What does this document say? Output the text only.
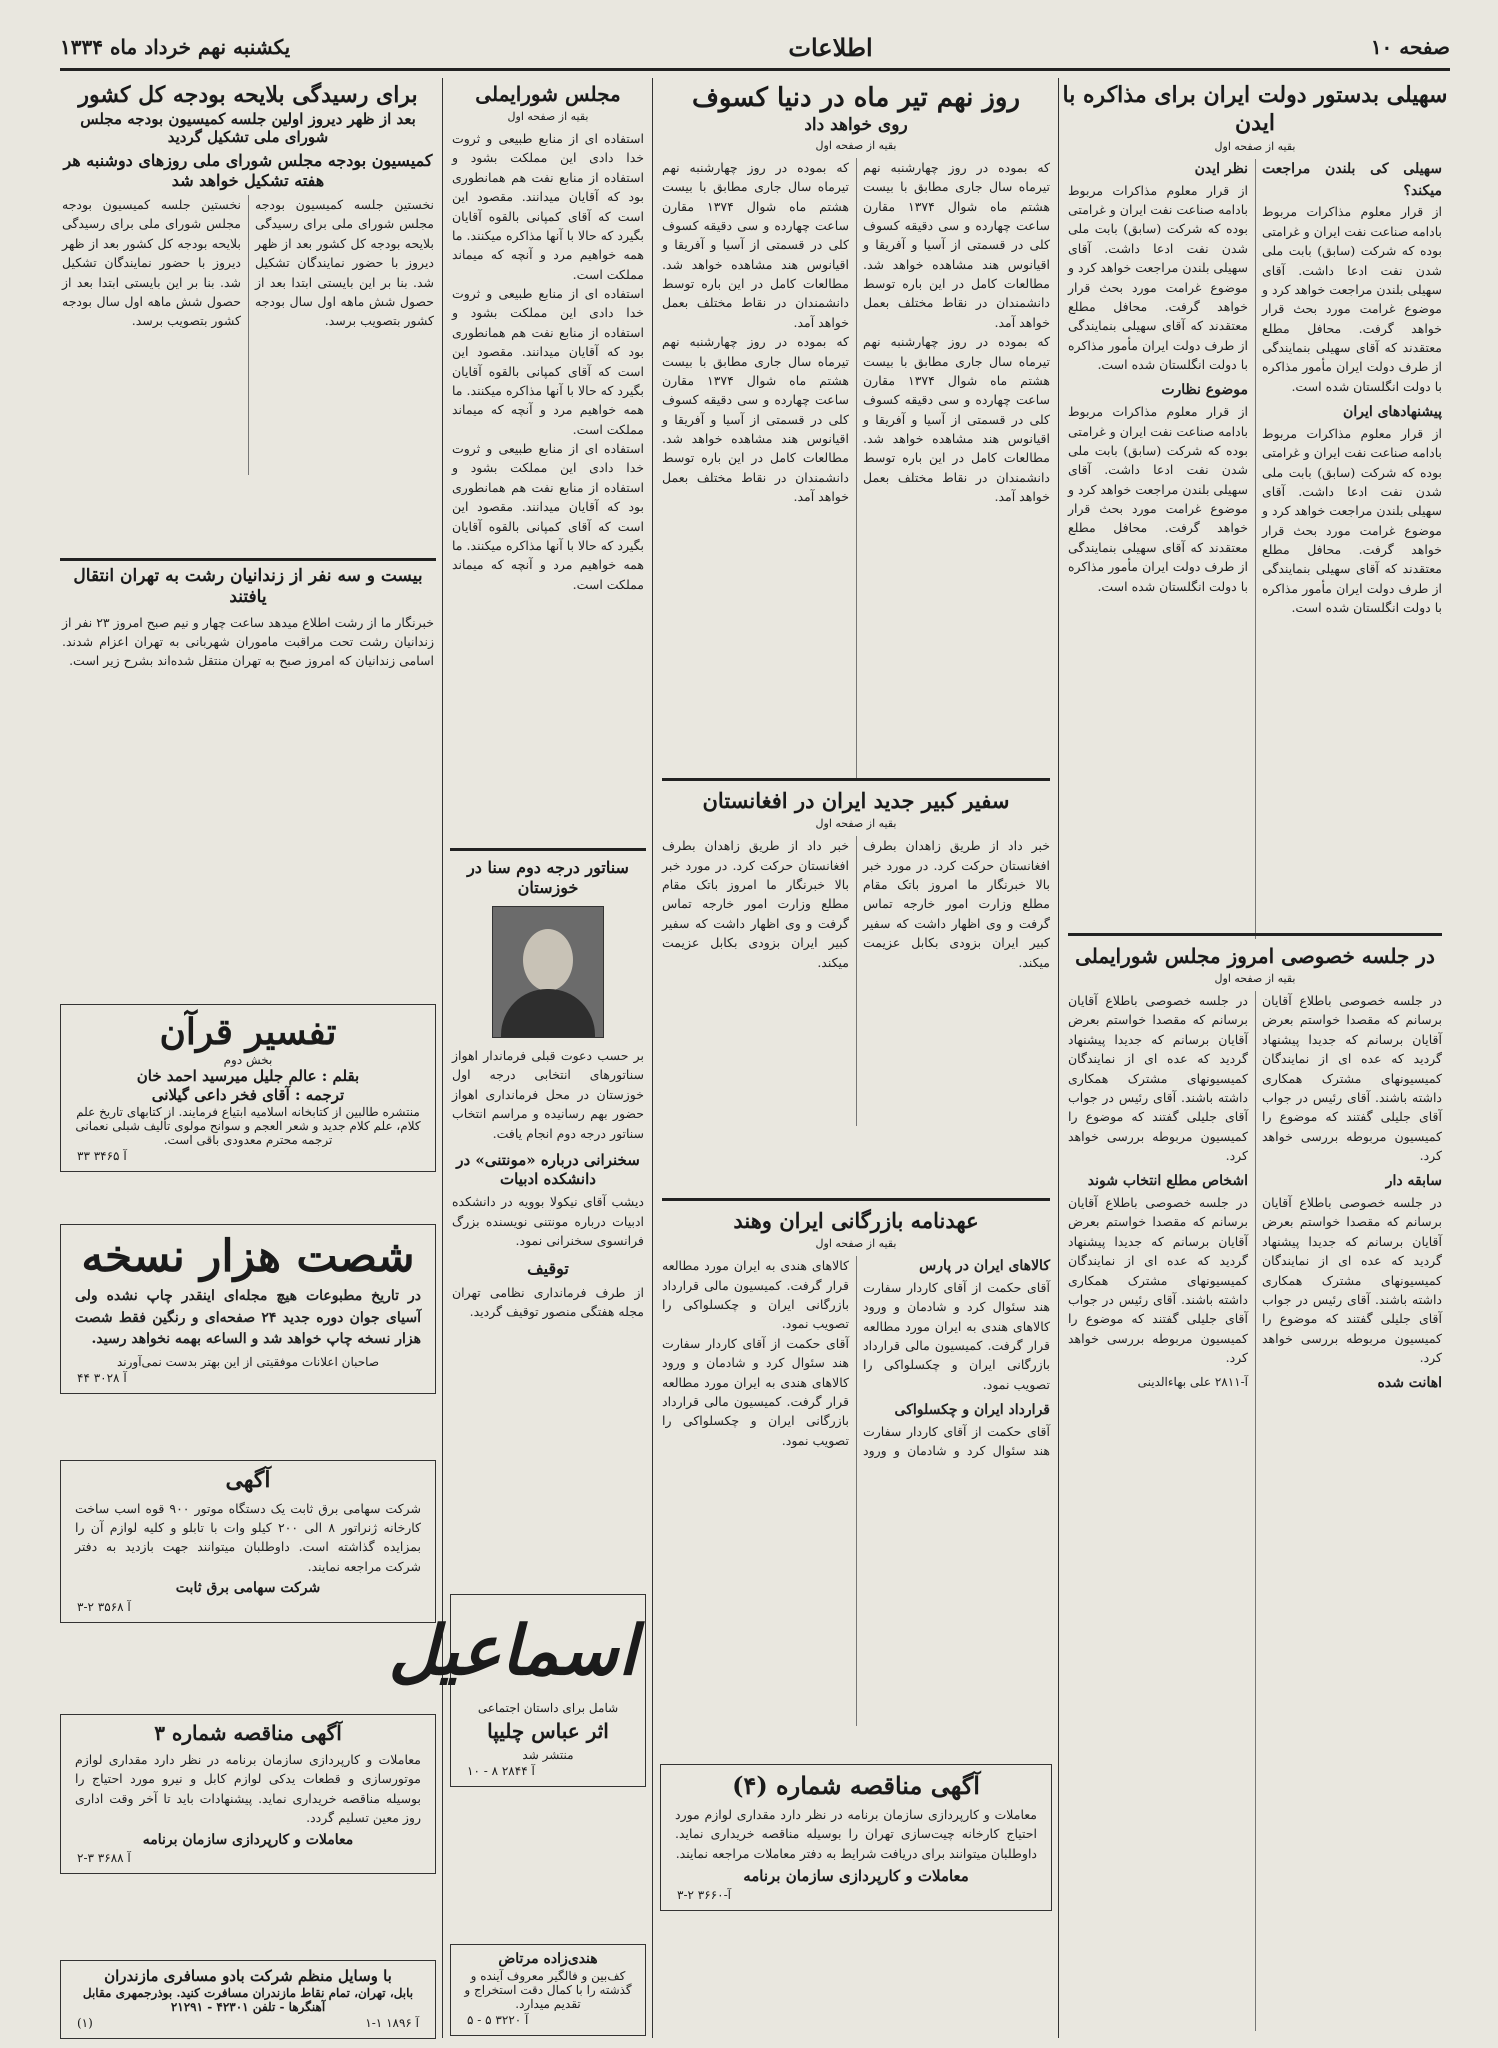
صفحه ۱۰
اطلاعات
یکشنبه نهم خرداد ماه ۱۳۳۴
سهیلی بدستور دولت ایران برای مذاکره با ایدن
بقیه از صفحه اول
سهیلی کی بلندن مراجعت میکند؟
از قرار معلوم مذاکرات مربوط بادامه صناعت نفت ایران و غرامتی بوده که شرکت (سابق) بابت ملی شدن نفت ادعا داشت. آقای سهیلی بلندن مراجعت خواهد کرد و موضوع غرامت مورد بحث قرار خواهد گرفت. محافل مطلع معتقدند که آقای سهیلی بنمایندگی از طرف دولت ایران مأمور مذاکره با دولت انگلستان شده است.
پیشنهادهای ایران
از قرار معلوم مذاکرات مربوط بادامه صناعت نفت ایران و غرامتی بوده که شرکت (سابق) بابت ملی شدن نفت ادعا داشت. آقای سهیلی بلندن مراجعت خواهد کرد و موضوع غرامت مورد بحث قرار خواهد گرفت. محافل مطلع معتقدند که آقای سهیلی بنمایندگی از طرف دولت ایران مأمور مذاکره با دولت انگلستان شده است.
نظر ایدن
از قرار معلوم مذاکرات مربوط بادامه صناعت نفت ایران و غرامتی بوده که شرکت (سابق) بابت ملی شدن نفت ادعا داشت. آقای سهیلی بلندن مراجعت خواهد کرد و موضوع غرامت مورد بحث قرار خواهد گرفت. محافل مطلع معتقدند که آقای سهیلی بنمایندگی از طرف دولت ایران مأمور مذاکره با دولت انگلستان شده است.
موضوع نظارت
از قرار معلوم مذاکرات مربوط بادامه صناعت نفت ایران و غرامتی بوده که شرکت (سابق) بابت ملی شدن نفت ادعا داشت. آقای سهیلی بلندن مراجعت خواهد کرد و موضوع غرامت مورد بحث قرار خواهد گرفت. محافل مطلع معتقدند که آقای سهیلی بنمایندگی از طرف دولت ایران مأمور مذاکره با دولت انگلستان شده است.
در جلسه خصوصی امروز مجلس شورایملی
بقیه از صفحه اول
در جلسه خصوصی باطلاع آقایان برسانم که مقصدا خواستم بعرض آقایان برسانم که جدیدا پیشنهاد گردید که عده ای از نمایندگان کمیسیونهای مشترک همکاری داشته باشند. آقای رئیس در جواب آقای جلیلی گفتند که موضوع را کمیسیون مربوطه بررسی خواهد کرد.
سابقه دار
در جلسه خصوصی باطلاع آقایان برسانم که مقصدا خواستم بعرض آقایان برسانم که جدیدا پیشنهاد گردید که عده ای از نمایندگان کمیسیونهای مشترک همکاری داشته باشند. آقای رئیس در جواب آقای جلیلی گفتند که موضوع را کمیسیون مربوطه بررسی خواهد کرد.
اهانت شده
در جلسه خصوصی باطلاع آقایان برسانم که مقصدا خواستم بعرض آقایان برسانم که جدیدا پیشنهاد گردید که عده ای از نمایندگان کمیسیونهای مشترک همکاری داشته باشند. آقای رئیس در جواب آقای جلیلی گفتند که موضوع را کمیسیون مربوطه بررسی خواهد کرد.
اشخاص مطلع انتخاب شوند
در جلسه خصوصی باطلاع آقایان برسانم که مقصدا خواستم بعرض آقایان برسانم که جدیدا پیشنهاد گردید که عده ای از نمایندگان کمیسیونهای مشترک همکاری داشته باشند. آقای رئیس در جواب آقای جلیلی گفتند که موضوع را کمیسیون مربوطه بررسی خواهد کرد.
آ-۲۸۱۱ علی بهاء‌الدینی
روز نهم تیر ماه در دنیا کسوف
روی خواهد داد
بقیه از صفحه اول
که بموده در روز چهارشنبه نهم تیرماه سال جاری مطابق با بیست هشتم ماه شوال ۱۳۷۴ مقارن ساعت چهارده و سی دقیقه کسوف کلی در قسمتی از آسیا و آفریقا و اقیانوس هند مشاهده خواهد شد. مطالعات کامل در این باره توسط دانشمندان در نقاط مختلف بعمل خواهد آمد.
که بموده در روز چهارشنبه نهم تیرماه سال جاری مطابق با بیست هشتم ماه شوال ۱۳۷۴ مقارن ساعت چهارده و سی دقیقه کسوف کلی در قسمتی از آسیا و آفریقا و اقیانوس هند مشاهده خواهد شد. مطالعات کامل در این باره توسط دانشمندان در نقاط مختلف بعمل خواهد آمد.
که بموده در روز چهارشنبه نهم تیرماه سال جاری مطابق با بیست هشتم ماه شوال ۱۳۷۴ مقارن ساعت چهارده و سی دقیقه کسوف کلی در قسمتی از آسیا و آفریقا و اقیانوس هند مشاهده خواهد شد. مطالعات کامل در این باره توسط دانشمندان در نقاط مختلف بعمل خواهد آمد.
که بموده در روز چهارشنبه نهم تیرماه سال جاری مطابق با بیست هشتم ماه شوال ۱۳۷۴ مقارن ساعت چهارده و سی دقیقه کسوف کلی در قسمتی از آسیا و آفریقا و اقیانوس هند مشاهده خواهد شد. مطالعات کامل در این باره توسط دانشمندان در نقاط مختلف بعمل خواهد آمد.
سفیر کبیر جدید ایران در افغانستان
بقیه از صفحه اول
خبر داد از طریق زاهدان بطرف افغانستان حرکت کرد. در مورد خبر بالا خبرنگار ما امروز باتک مقام مطلع وزارت امور خارجه تماس گرفت و وی اظهار داشت که سفیر کبیر ایران بزودی بکابل عزیمت میکند.
خبر داد از طریق زاهدان بطرف افغانستان حرکت کرد. در مورد خبر بالا خبرنگار ما امروز باتک مقام مطلع وزارت امور خارجه تماس گرفت و وی اظهار داشت که سفیر کبیر ایران بزودی بکابل عزیمت میکند.
عهدنامه بازرگانی ایران وهند
بقیه از صفحه اول
کالاهای ایران در پارس
آقای حکمت از آقای کاردار سفارت هند سئوال کرد و شادمان و ورود کالاهای هندی به ایران مورد مطالعه قرار گرفت. کمیسیون مالی قرارداد بازرگانی ایران و چکسلواکی را تصویب نمود.
قرارداد ایران و چکسلواکی
آقای حکمت از آقای کاردار سفارت هند سئوال کرد و شادمان و ورود کالاهای هندی به ایران مورد مطالعه قرار گرفت. کمیسیون مالی قرارداد بازرگانی ایران و چکسلواکی را تصویب نمود.
آقای حکمت از آقای کاردار سفارت هند سئوال کرد و شادمان و ورود کالاهای هندی به ایران مورد مطالعه قرار گرفت. کمیسیون مالی قرارداد بازرگانی ایران و چکسلواکی را تصویب نمود.
آگهی مناقصه شماره (۴)
معاملات و کارپردازی سازمان برنامه در نظر دارد مقداری لوازم مورد احتیاج کارخانه چیت‌سازی تهران را بوسیله مناقصه خریداری نماید. داوطلبان میتوانند برای دریافت شرایط به دفتر معاملات مراجعه نمایند.
معاملات و کارپردازی سازمان برنامه
آ-۳۶۶۰ ۲-۳
مجلس شورایملی
بقیه از صفحه اول
استفاده ای از منابع طبیعی و ثروت خدا دادی این مملکت بشود و استفاده از منابع نفت هم همانطوری بود که آقایان میدانند. مقصود این است که آقای کمپانی بالقوه آقایان بگیرد که حالا با آنها مذاکره میکنند. ما همه خواهیم مرد و آنچه که میماند مملکت است.
استفاده ای از منابع طبیعی و ثروت خدا دادی این مملکت بشود و استفاده از منابع نفت هم همانطوری بود که آقایان میدانند. مقصود این است که آقای کمپانی بالقوه آقایان بگیرد که حالا با آنها مذاکره میکنند. ما همه خواهیم مرد و آنچه که میماند مملکت است.
استفاده ای از منابع طبیعی و ثروت خدا دادی این مملکت بشود و استفاده از منابع نفت هم همانطوری بود که آقایان میدانند. مقصود این است که آقای کمپانی بالقوه آقایان بگیرد که حالا با آنها مذاکره میکنند. ما همه خواهیم مرد و آنچه که میماند مملکت است.
سناتور درجه دوم سنا در خوزستان
بر حسب دعوت قبلی فرماندار اهواز سناتورهای انتخابی درجه اول خوزستان در محل فرمانداری اهواز حضور بهم رسانیده و مراسم انتخاب سناتور درجه دوم انجام یافت.
سخنرانی درباره «مونتنی» در دانشکده ادبیات
دیشب آقای نیکولا بوویه در دانشکده ادبیات درباره مونتنی نویسنده بزرگ فرانسوی سخنرانی نمود.
توقیف
از طرف فرمانداری نظامی تهران مجله هفتگی منصور توقیف گردید.
اسماعیل
شامل برای داستان اجتماعی
اثر عباس چلیپا
منتشر شد
آ ۲۸۴۴ ۸ - ۱۰
هندی‌زاده مرتاض
کف‌بین و فالگیر معروف آینده و گذشته را با کمال دقت استخراج و تقدیم میدارد.
آ ۳۲۲۰ ۵ - ۵
برای رسیدگی بلایحه بودجه کل کشور
بعد از ظهر دیروز اولین جلسه کمیسیون بودجه مجلس شورای ملی تشکیل گردید
کمیسیون بودجه مجلس شورای ملی روزهای دوشنبه هر هفته تشکیل خواهد شد
نخستین جلسه کمیسیون بودجه مجلس شورای ملی برای رسیدگی بلایحه بودجه کل کشور بعد از ظهر دیروز با حضور نمایندگان تشکیل شد. بنا بر این بایستی ابتدا بعد از حصول شش ماهه اول سال بودجه کشور بتصویب برسد.
نخستین جلسه کمیسیون بودجه مجلس شورای ملی برای رسیدگی بلایحه بودجه کل کشور بعد از ظهر دیروز با حضور نمایندگان تشکیل شد. بنا بر این بایستی ابتدا بعد از حصول شش ماهه اول سال بودجه کشور بتصویب برسد.
بیست و سه نفر از زندانیان رشت به تهران انتقال یافتند
خبرنگار ما از رشت اطلاع میدهد ساعت چهار و نیم صبح امروز ۲۳ نفر از زندانیان رشت تحت مراقبت ماموران شهربانی به تهران اعزام شدند. اسامی زندانیان که امروز صبح به تهران منتقل شده‌اند بشرح زیر است.
تفسیر قرآن
بخش دوم
بقلم : عالم جلیل میرسید احمد خان
ترجمه : آقای فخر داعی گیلانی
منتشره طالبین از کتابخانه اسلامیه ابتیاع فرمایند. از کتابهای تاریخ علم کلام، علم کلام جدید و شعر العجم و سوانح مولوی تألیف شبلی نعمانی ترجمه محترم معدودی باقی است.
آ ۳۴۶۵ ۳۳
شصت هزار نسخه
در تاریخ مطبوعات هیچ مجله‌ای اینقدر چاپ نشده ولی آسیای جوان دوره جدید ۲۴ صفحه‌ای و رنگین فقط شصت هزار نسخه چاپ خواهد شد و الساعه بهمه نخواهد رسید.
صاحبان اعلانات موفقیتی از این بهتر بدست نمی‌آورند
آ ۳۰۲۸ ۴۴
آگهی
شرکت سهامی برق ثابت یک دستگاه موتور ۹۰۰ قوه اسب ساخت کارخانه ژنراتور ۸ الی ۲۰۰ کیلو وات با تابلو و کلیه لوازم آن را بمزایده گذاشته است. داوطلبان میتوانند جهت بازدید به دفتر شرکت مراجعه نمایند.
شرکت سهامی برق ثابت
آ ۳۵۶۸ ۲-۳
آگهی مناقصه شماره ۳
معاملات و کارپردازی سازمان برنامه در نظر دارد مقداری لوازم موتورسازی و قطعات یدکی لوازم کابل و نیرو مورد احتیاج را بوسیله مناقصه خریداری نماید. پیشنهادات باید تا آخر وقت اداری روز معین تسلیم گردد.
معاملات و کارپردازی سازمان برنامه
آ ۳۶۸۸ ۳-۲
با وسایل منظم شرکت بادو مسافری مازندران
بابل، تهران، تمام نقاط مازندران مسافرت کنید. بوذرجمهری مقابل آهنگرها - تلفن ۴۲۳۰۱ - ۲۱۲۹۱
آ ۱۸۹۶ ۱-۱
(۱)
